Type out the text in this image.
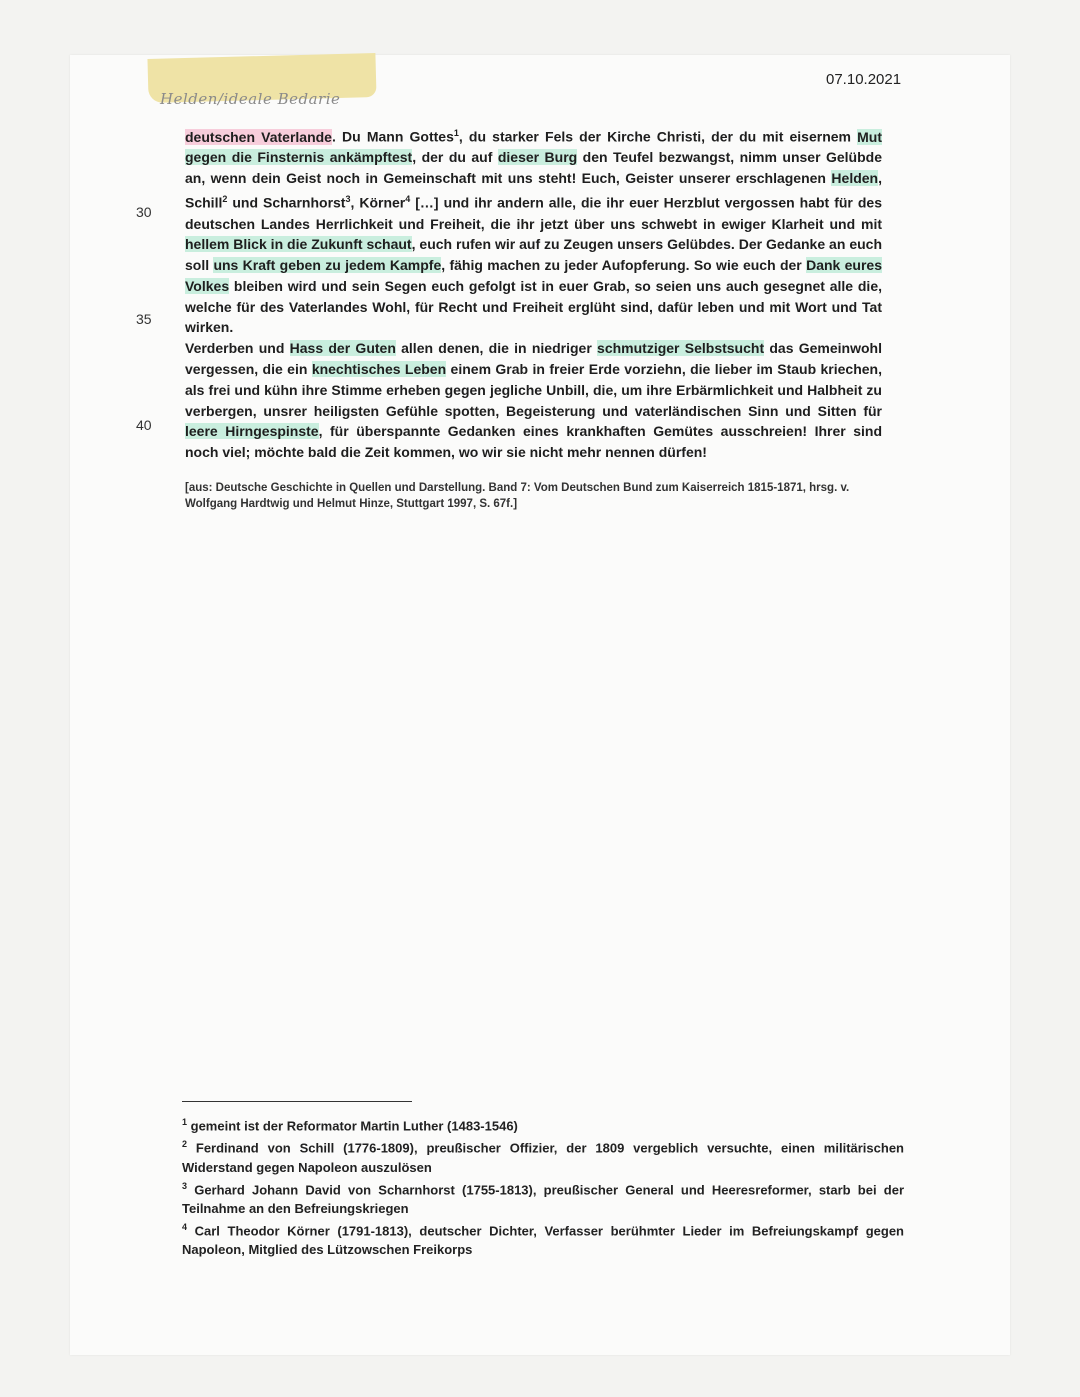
Helden/ideale Bedarie
07.10.2021
30
35
40

deutschen Vaterlande. Du Mann Gottes$^1$, du starker Fels der Kirche Christi, der du mit eisernem Mut gegen die Finsternis ankämpftest, der du auf dieser Burg den Teufel bezwangst, nimm unser Gelübde an, wenn dein Geist noch in Gemeinschaft mit uns steht! Euch, Geister unserer erschlagenen Helden, Schill$^2$ und Scharnhorst$^3$, Körner$^4$ […] und ihr andern alle, die ihr euer Herzblut vergossen habt für des deutschen Landes Herrlichkeit und Freiheit, die ihr jetzt über uns schwebt in ewiger Klarheit und mit hellem Blick in die Zukunft schaut, euch rufen wir auf zu Zeugen unsers Gelübdes. Der Gedanke an euch soll uns Kraft geben zu jedem Kampfe, fähig machen zu jeder Aufopferung. So wie euch der Dank eures Volkes bleiben wird und sein Segen euch gefolgt ist in euer Grab, so seien uns auch gesegnet alle die, welche für des Vaterlandes Wohl, für Recht und Freiheit erglüht sind, dafür leben und mit Wort und Tat wirken.

Verderben und Hass der Guten allen denen, die in niedriger schmutziger Selbstsucht das Gemeinwohl vergessen, die ein knechtisches Leben einem Grab in freier Erde vorziehn, die lieber im Staub kriechen, als frei und kühn ihre Stimme erheben gegen jegliche Unbill, die, um ihre Erbärmlichkeit und Halbheit zu verbergen, unsrer heiligsten Gefühle spotten, Begeisterung und vaterländischen Sinn und Sitten für leere Hirngespinste, für überspannte Gedanken eines krankhaften Gemütes ausschreien! Ihrer sind noch viel; möchte bald die Zeit kommen, wo wir sie nicht mehr nennen dürfen!

[aus: Deutsche Geschichte in Quellen und Darstellung. Band 7: Vom Deutschen Bund zum Kaiserreich 1815-1871, hrsg. v. Wolfgang Hardtwig und Helmut Hinze, Stuttgart 1997, S. 67f.]

$^1$ gemeint ist der Reformator Martin Luther (1483-1546)

$^2$ Ferdinand von Schill (1776-1809), preußischer Offizier, der 1809 vergeblich versuchte, einen militärischen Widerstand gegen Napoleon auszulösen

$^3$ Gerhard Johann David von Scharnhorst (1755-1813), preußischer General und Heeresreformer, starb bei der Teilnahme an den Befreiungskriegen

$^4$ Carl Theodor Körner (1791-1813), deutscher Dichter, Verfasser berühmter Lieder im Befreiungskampf gegen Napoleon, Mitglied des Lützowschen Freikorps
